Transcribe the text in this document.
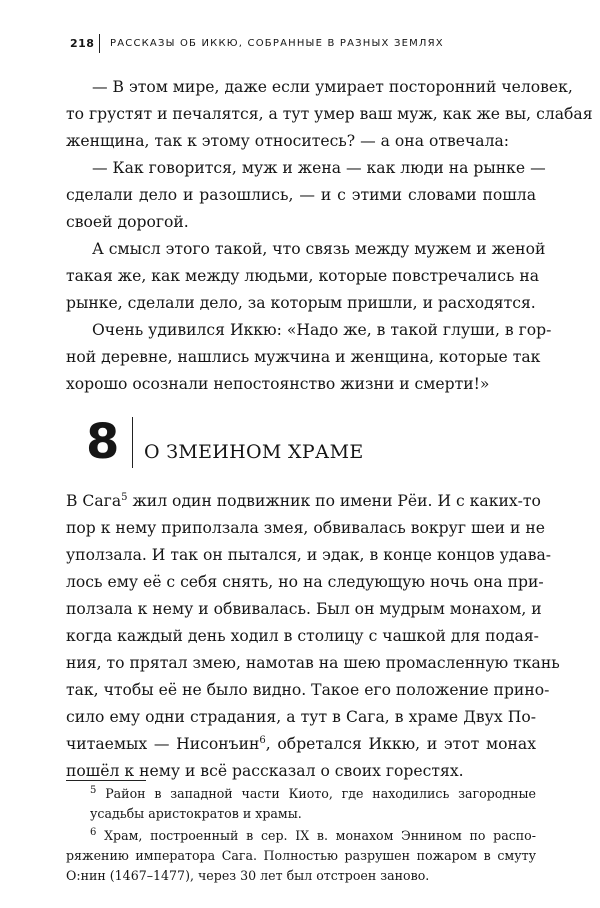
218 РАССКАЗЫ ОБ ИККЮ, СОБРАННЫЕ В РАЗНЫХ ЗЕМЛЯХ

— В этом мире, даже если умирает посторонний человек,
то грустят и печалятся, а тут умер ваш муж, как же вы, слабая
женщина, так к этому относитесь? — а она отвечала:

— Как говорится, муж и жена — как люди на рынке —
сделали дело и разошлись, — и с этими словами пошла
своей дорогой.

А смысл этого такой, что связь между мужем и женой
такая же, как между людьми, которые повстречались на
рынке, сделали дело, за которым пришли, и расходятся.

Очень удивился Иккю: «Надо же, в такой глуши, в гор-
ной деревне, нашлись мужчина и женщина, которые так
хорошо осознали непостоянство жизни и смерти!»

8 О ЗМЕИНОМ ХРАМЕ

В Сага$^5$ жил один подвижник по имени Рёи. И с каких-то
пор к нему приползала змея, обвивалась вокруг шеи и не
уползала. И так он пытался, и эдак, в конце концов удава-
лось ему её с себя снять, но на следующую ночь она при-
ползала к нему и обвивалась. Был он мудрым монахом, и
когда каждый день ходил в столицу с чашкой для подая-
ния, то прятал змею, намотав на шею промасленную ткань
так, чтобы её не было видно. Такое его положение прино-
сило ему одни страдания, а тут в Сага, в храме Двух По-
читаемых — Нисонъин$^6$, обретался Иккю, и этот монах
пошёл к нему и всё рассказал о своих горестях.

$^5$ Район в западной части Киото, где находились загородные
усадьбы аристократов и храмы.

$^6$ Храм, построенный в сер. IX в. монахом Эннином по распо-
ряжению императора Сага. Полностью разрушен пожаром в смуту
О:нин (1467–1477), через 30 лет был отстроен заново.
